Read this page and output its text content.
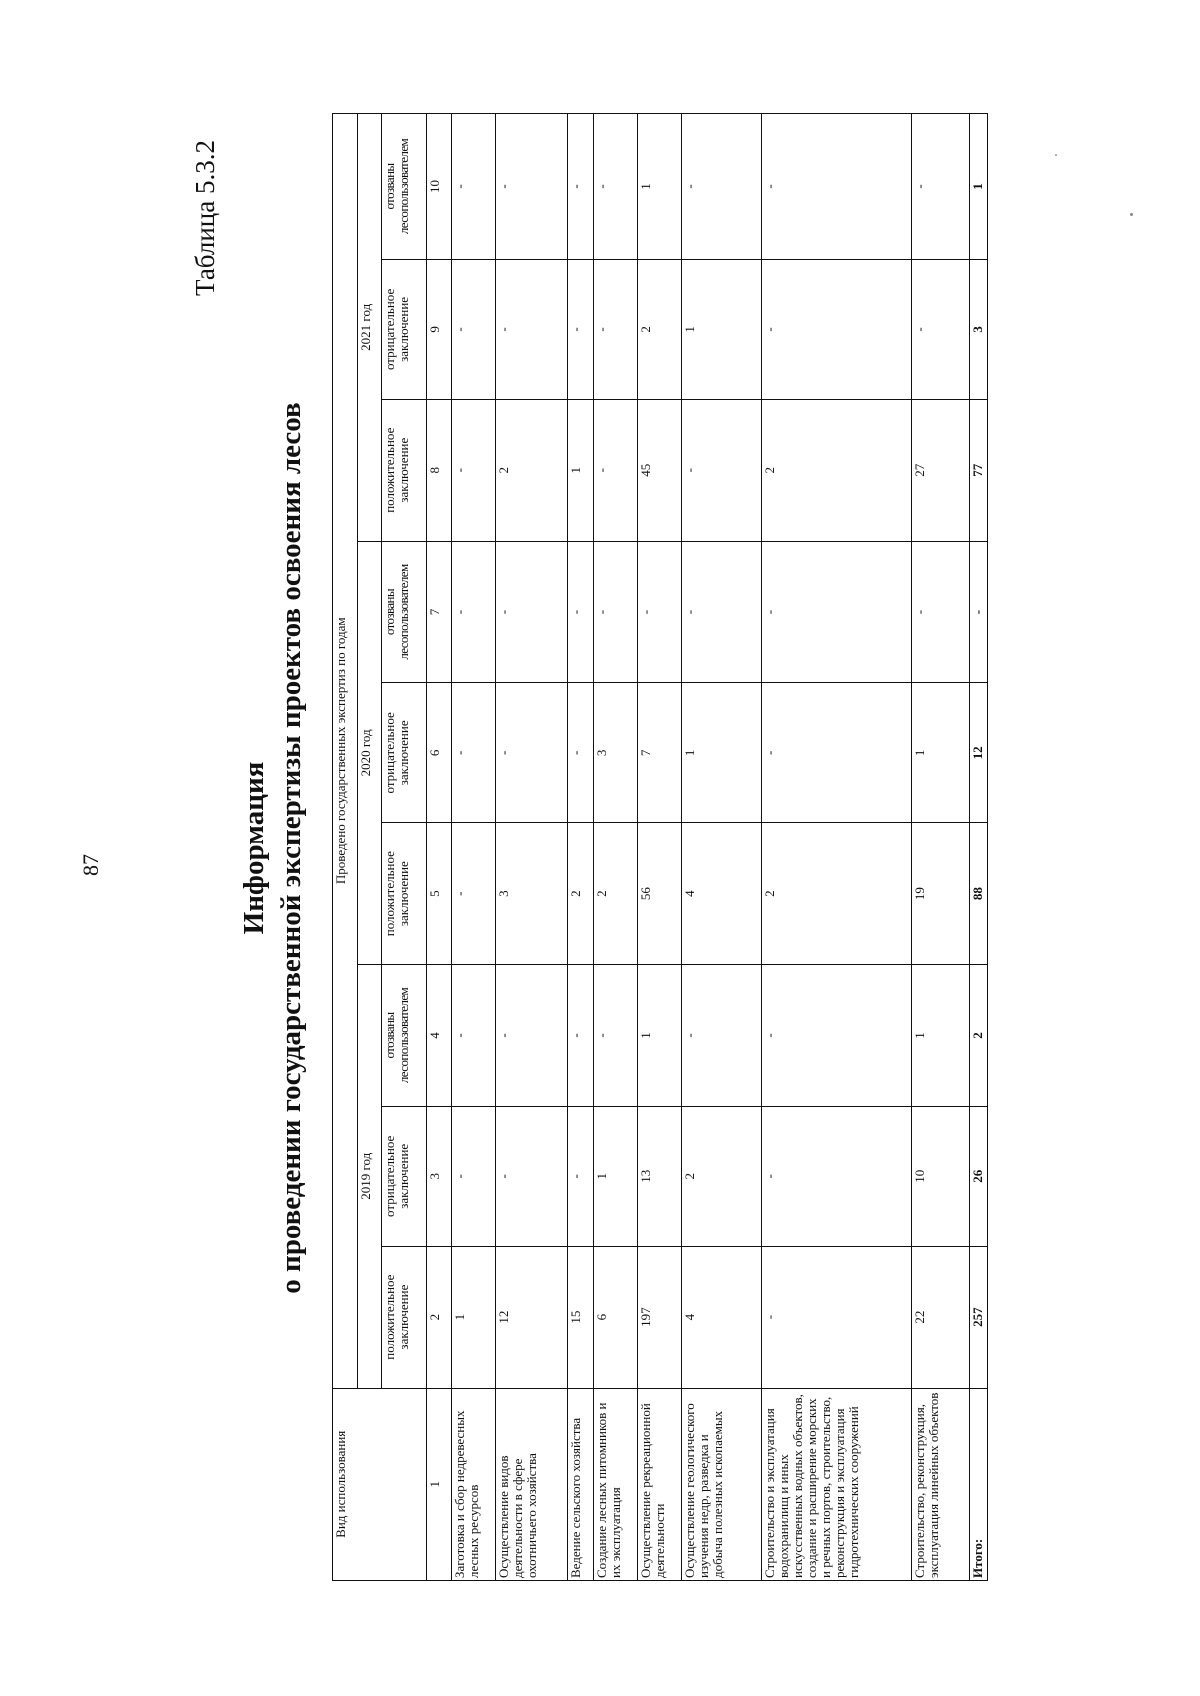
87
Таблица 5.3.2
Информация о проведении государственной экспертизы проектов освоения лесов
Вид использования	Проведено государственных экспертиз по годам								
	2019 год			2020 год			2021 год		
	положительное заключение	отрицательное заключение	отозваны лесопользователем	положительное заключение	отрицательное заключение	отозваны лесопользователем	положительное заключение	отрицательное заключение	отозваны лесопользователем
1	2	3	4	5	6	7	8	9	10
Заготовка и сбор недревесных лесных ресурсов	1	-	-	-	-	-	-	-	-
Осуществление видов деятельности в сфере охотничьего хозяйства	12	-	-	3	-	-	2	-	-
Ведение сельского хозяйства	15	-	-	2	-	-	1	-	-
Создание лесных питомников и их эксплуатация	6	1	-	2	3	-	-	-	-
Осуществление рекреационной деятельности	197	13	1	56	7	-	45	2	1
Осуществление геологического изучения недр, разведка и добыча полезных ископаемых	4	2	-	4	1	-	-	1	-
Строительство и эксплуатация водохранилищ и иных искусственных водных объектов, создание и расширение морских и речных портов, строительство, реконструкция и эксплуатация гидротехнических сооружений	-	-	-	2	-	-	2	-	-
Строительство, реконструкция, эксплуатация линейных объектов	22	10	1	19	1	-	27	-	-
Итого:	257	26	2	88	12	-	77	3	1
